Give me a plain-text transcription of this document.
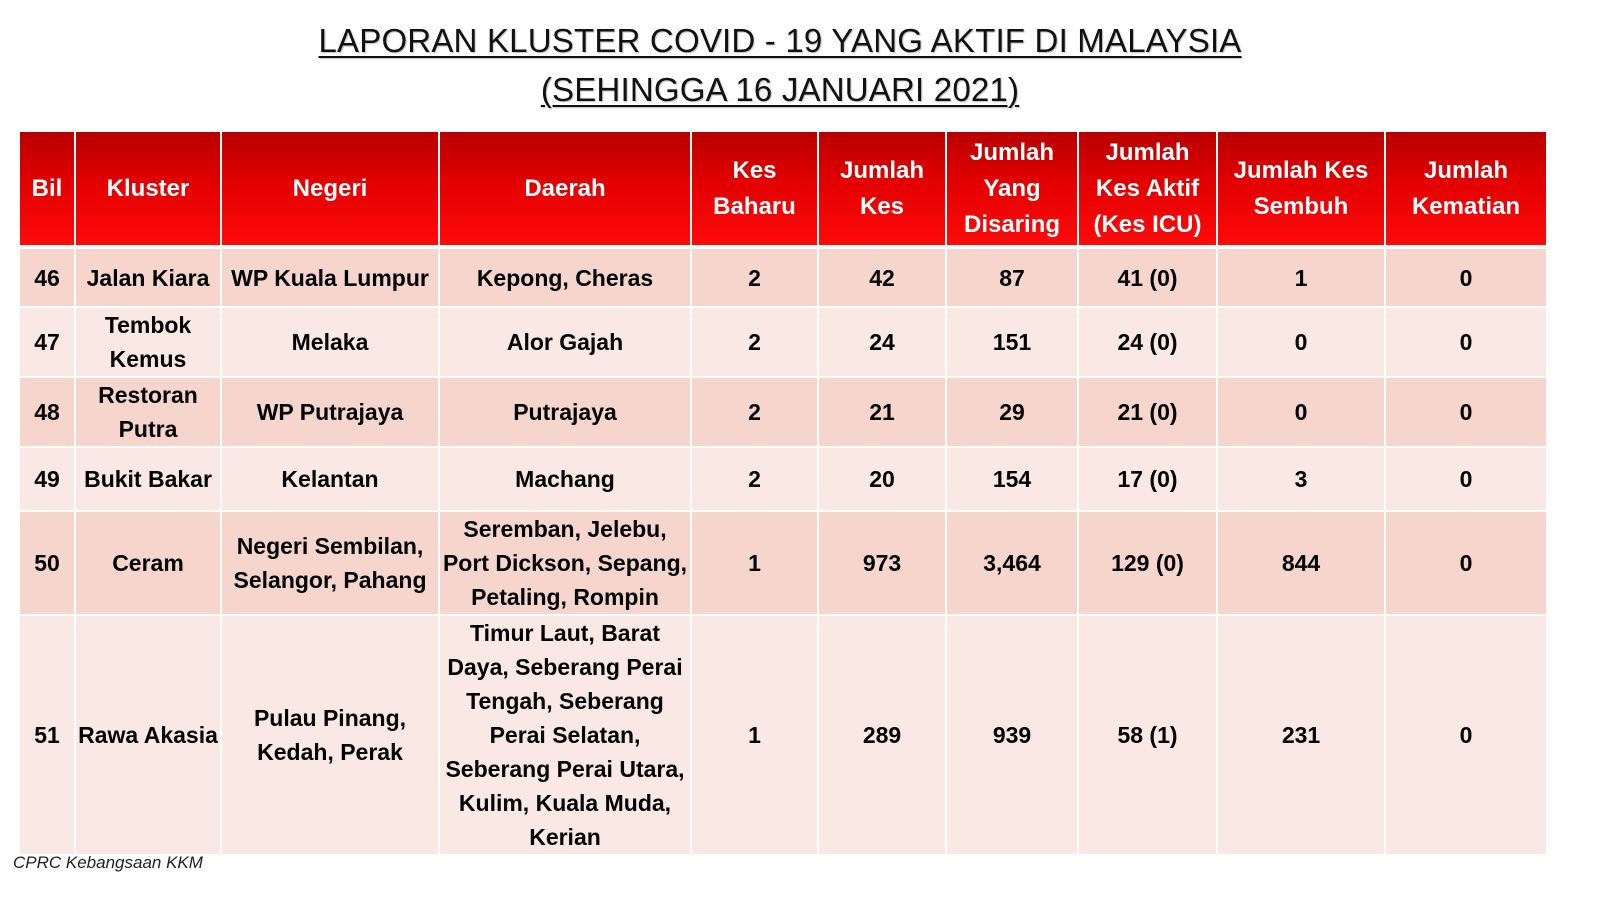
LAPORAN KLUSTER COVID - 19 YANG AKTIF DI MALAYSIA
(SEHINGGA 16 JANUARI 2021)
Bil	Kluster	Negeri	Daerah	Kes Baharu	Jumlah Kes	Jumlah Yang Disaring	Jumlah Kes Aktif (Kes ICU)	Jumlah Kes Sembuh	Jumlah Kematian
46	Jalan Kiara	WP Kuala Lumpur	Kepong, Cheras	2	42	87	41 (0)	1	0
47	Tembok Kemus	Melaka	Alor Gajah	2	24	151	24 (0)	0	0
48	Restoran Putra	WP Putrajaya	Putrajaya	2	21	29	21 (0)	0	0
49	Bukit Bakar	Kelantan	Machang	2	20	154	17 (0)	3	0
50	Ceram	Negeri Sembilan, Selangor, Pahang	Seremban, Jelebu, Port Dickson, Sepang, Petaling, Rompin	1	973	3,464	129 (0)	844	0
51	Rawa Akasia	Pulau Pinang, Kedah, Perak	Timur Laut, Barat Daya, Seberang Perai Tengah, Seberang Perai Selatan, Seberang Perai Utara, Kulim, Kuala Muda, Kerian	1	289	939	58 (1)	231	0
CPRC Kebangsaan KKM
